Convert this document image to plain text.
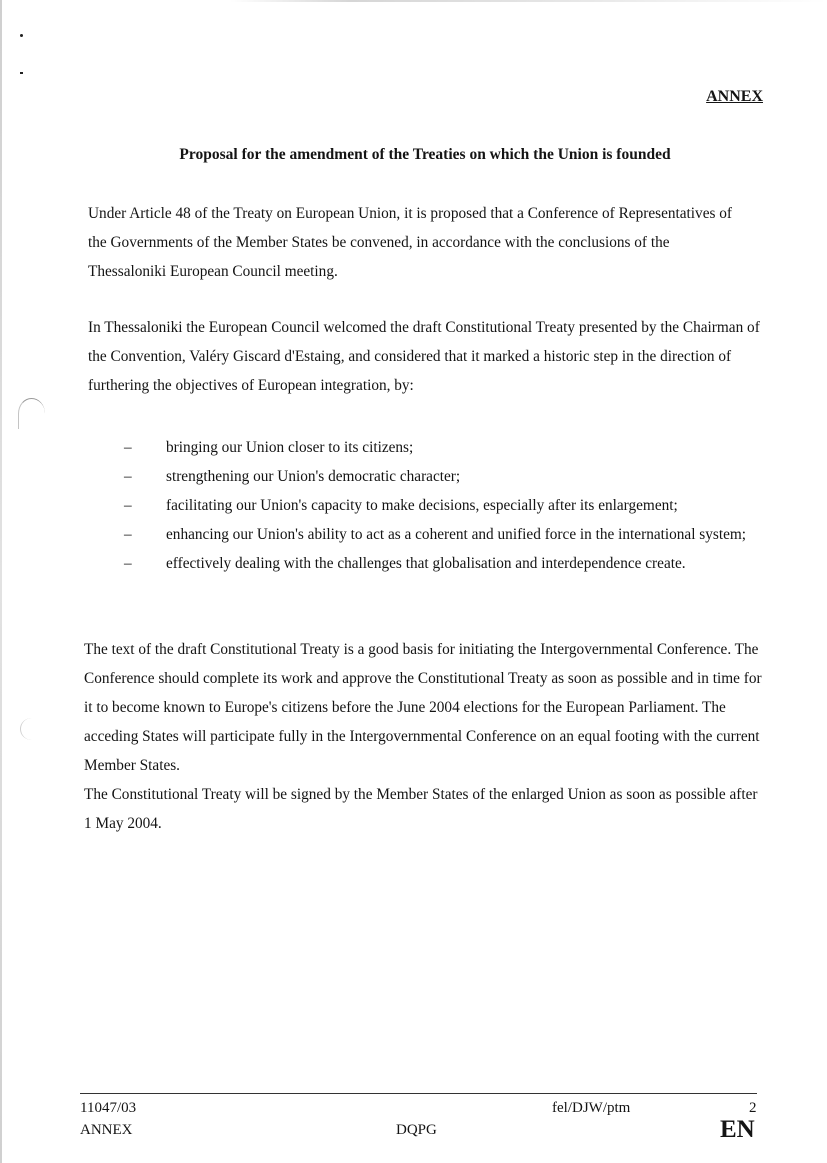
ANNEX

Proposal for the amendment of the Treaties on which the Union is founded

Under Article 48 of the Treaty on European Union, it is proposed that a Conference of Representatives of the Governments of the Member States be convened, in accordance with the conclusions of the Thessaloniki European Council meeting.

In Thessaloniki the European Council welcomed the draft Constitutional Treaty presented by the Chairman of the Convention, Valéry Giscard d'Estaing, and considered that it marked a historic step in the direction of furthering the objectives of European integration, by:

– bringing our Union closer to its citizens;
– strengthening our Union's democratic character;
– facilitating our Union's capacity to make decisions, especially after its enlargement;
– enhancing our Union's ability to act as a coherent and unified force in the international system;
– effectively dealing with the challenges that globalisation and interdependence create.
The text of the draft Constitutional Treaty is a good basis for initiating the Intergovernmental Conference. The Conference should complete its work and approve the Constitutional Treaty as soon as possible and in time for it to become known to Europe's citizens before the June 2004 elections for the European Parliament. The acceding States will participate fully in the Intergovernmental Conference on an equal footing with the current Member States.
The Constitutional Treaty will be signed by the Member States of the enlarged Union as soon as possible after 1 May 2004.

11047/03

ANNEX	DQPG

fel/DJW/ptm	2

EN
